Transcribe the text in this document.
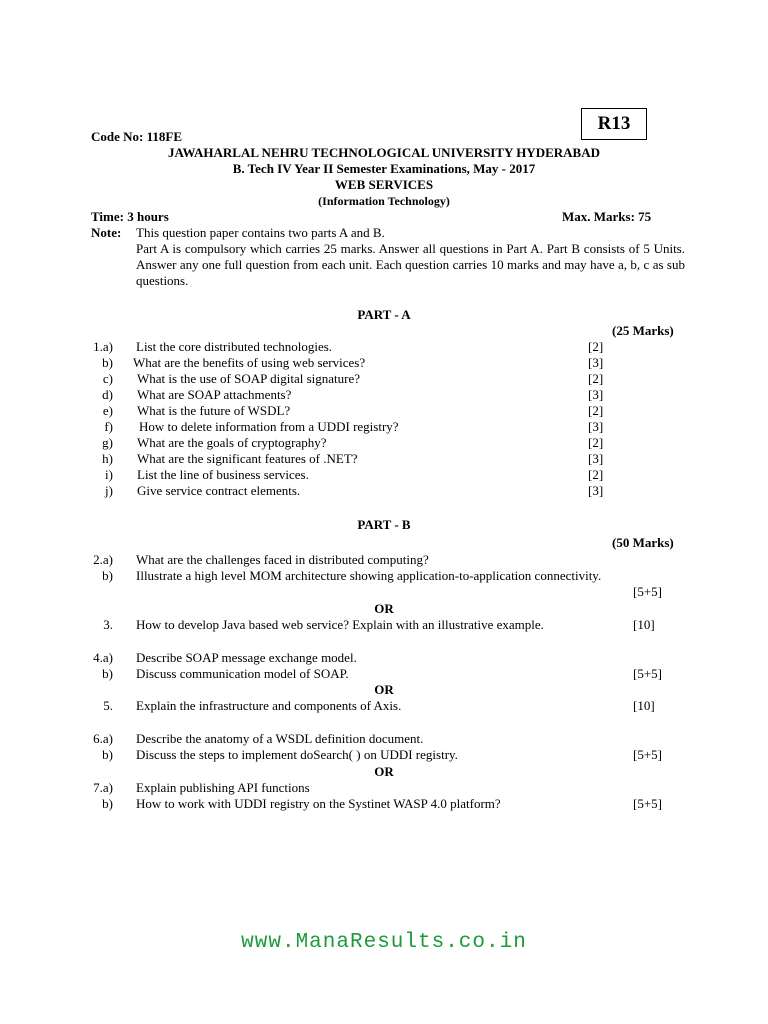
R13
Code No: 118FE
JAWAHARLAL NEHRU TECHNOLOGICAL UNIVERSITY HYDERABAD
B. Tech IV Year II Semester Examinations, May - 2017
WEB SERVICES
(Information Technology)
Time: 3 hours	Max. Marks: 75
Note: This question paper contains two parts A and B.
Part A is compulsory which carries 25 marks. Answer all questions in Part A. Part B consists of 5 Units. Answer any one full question from each unit. Each question carries 10 marks and may have a, b, c as sub questions.
PART - A
(25 Marks)
1.a) List the core distributed technologies.	[2]
b) What are the benefits of using web services?	[3]
c) What is the use of SOAP digital signature?	[2]
d) What are SOAP attachments?	[3]
e) What is the future of WSDL?	[2]
f) How to delete information from a UDDI registry?	[3]
g) What are the goals of cryptography?	[2]
h) What are the significant features of .NET?	[3]
i) List the line of business services.	[2]
j) Give service contract elements.	[3]
PART - B
(50 Marks)
2.a) What are the challenges faced in distributed computing?
b) Illustrate a high level MOM architecture showing application-to-application connectivity.
[5+5]
OR
3. How to develop Java based web service? Explain with an illustrative example.	[10]
4.a) Describe SOAP message exchange model.
b) Discuss communication model of SOAP.	[5+5]
OR
5. Explain the infrastructure and components of Axis.	[10]
6.a) Describe the anatomy of a WSDL definition document.
b) Discuss the steps to implement doSearch( ) on UDDI registry.	[5+5]
OR
7.a) Explain publishing API functions
b) How to work with UDDI registry on the Systinet WASP 4.0 platform?	[5+5]
www.ManaResults.co.in
